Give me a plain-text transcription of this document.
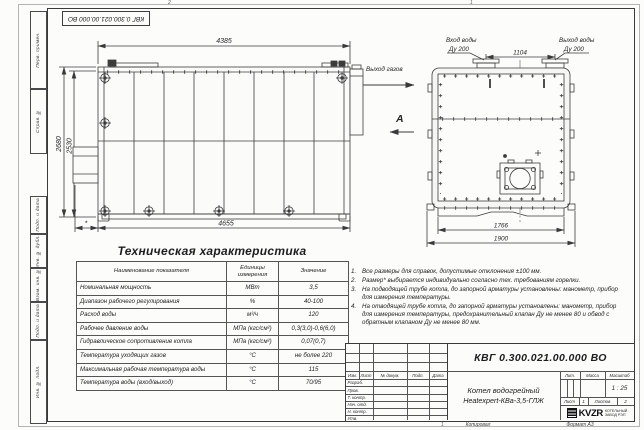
2	1
1
КВГ 0.300.021.00.000 ВО
Перв. примен.
Справ. №
Подп. и дата
Инв. № дубл.
Взам. инв. №
Подп. и дата
Инв. № подл.
4385
2680 2530
4655
*
Выход газов
А
Вход воды
Ду 200
Выход воды
Ду 200
1104
1766
1900
Техническая характеристика
Наименование показателя	Единицы измерения	Значение
Номинальная мощность	МВт	3,5
Диапазон рабочего регулирования	%	40-100
Расход воды	м³/ч	120
Рабочее давление воды	МПа (кгс/см²)	0,3(3,0)-0,6(6,0)
Гидравлическое сопротивление котла	МПа (кгс/см²)	0,07(0,7)
Температура уходящих газов	°С	не более 220
Максимальная рабочая температура воды	°С	115
Температура воды (вход/выход)	°С	70/95
1. Все размеры для справок, допустимые отклонения ±100 мм.
2. Размер* выбирается индивидуально согласно тех. требованиям горелки.
3. На подводящей трубе котла, до запорной арматуры установлены: манометр, прибор для измерения температуры.
4. На отводящей трубе котла, до запорной арматуры установлены: манометр, прибор для измерения температуры, предохранительный клапан Ду не менее 80 и обвод с обратным клапаном Ду не менее 80 мм.
Изм. Лист	№ докум.	Подп.	Дата
Разраб.
Пров.
Т. контр.
Нач. отд.
Н. контр.
Утв.
КВГ 0.300.021.00.000 ВО
Котел водогрейный
Heatexpert-КВа-3,5-ГЛЖ
Лит.	Масса	Масштаб
1 : 25
Лист	1	Листов	2
KVZR КОТЕЛЬНЫЙ
ЗАВОД РЭП
Копировал	Формат А3
